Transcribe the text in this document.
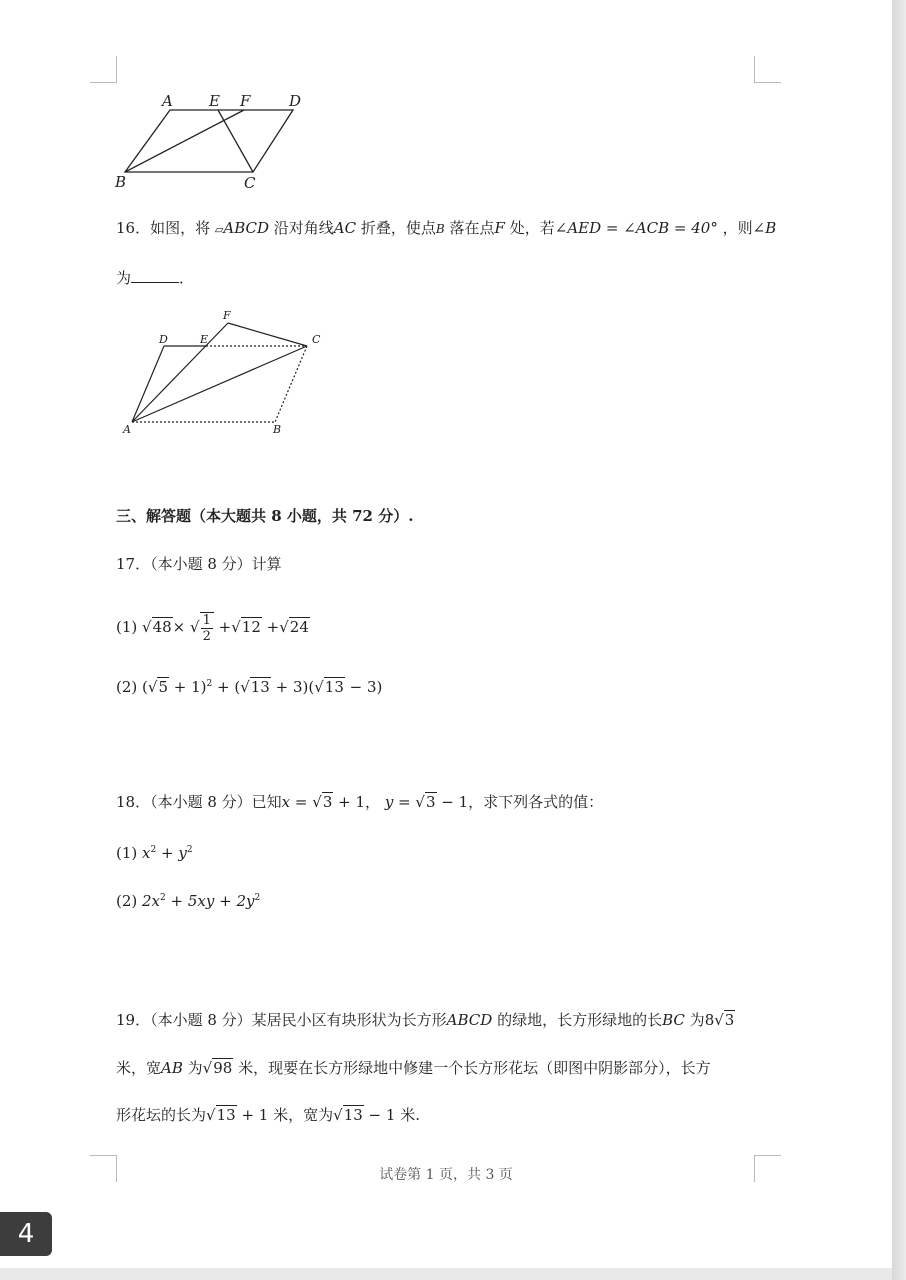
A E F	D
B	C
16．如图，将 ▱ABCD 沿对角线AC 折叠，使点B 落在点F 处，若∠AED = ∠ACB = 40° ，则∠B
为	．
F
D	E	C
A	B
三、解答题（本大题共 8 小题，共 72 分）.
17．（本小题 8 分）计算
(1) √48× √ $\frac{1}{2} +√12 +√24$
(2) $(√5 + 1)^2 + (√13 + 3)(√13 - 3)$
18．（本小题 8 分）已知x = √3 + 1， y = √3 − 1，求下列各式的值：
(1) $x^2 + y^2$
(2) $2x^2 + 5xy + 2y^2$
19．（本小题 8 分）某居民小区有块形状为长方形ABCD 的绿地，长方形绿地的长BC 为8√3
米，宽AB 为√98 米，现要在长方形绿地中修建一个长方形花坛（即图中阴影部分），长方
形花坛的长为√13 + 1 米，宽为√13 − 1 米.
试卷第 1 页，共 3 页
4
